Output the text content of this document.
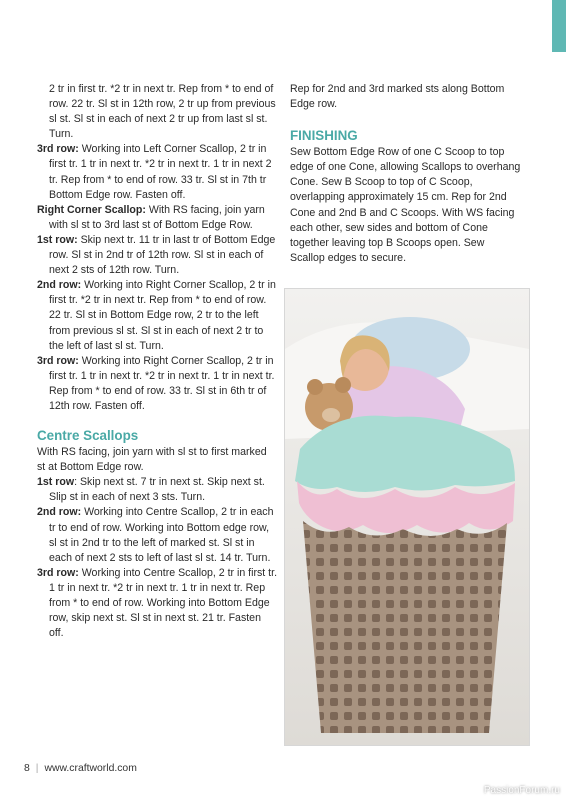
2 tr in first tr. *2 tr in next tr. Rep from * to end of row. 22 tr. Sl st in 12th row, 2 tr up from previous sl st. Sl st in each of next 2 tr up from last sl st. Turn.

3rd row: Working into Left Corner Scallop, 2 tr in first tr. 1 tr in next tr. *2 tr in next tr. 1 tr in next 2 tr. Rep from * to end of row. 33 tr. Sl st in 7th tr Bottom Edge row. Fasten off.

Right Corner Scallop: With RS facing, join yarn with sl st to 3rd last st of Bottom Edge Row.

1st row: Skip next tr. 11 tr in last tr of Bottom Edge row. Sl st in 2nd tr of 12th row. Sl st in each of next 2 sts of 12th row. Turn.

2nd row: Working into Right Corner Scallop, 2 tr in first tr. *2 tr in next tr. Rep from * to end of row. 22 tr. Sl st in Bottom Edge row, 2 tr to the left from previous sl st. Sl st in each of next 2 tr to the left of last sl st. Turn.

3rd row: Working into Right Corner Scallop, 2 tr in first tr. 1 tr in next tr. *2 tr in next tr. 1 tr in next tr. Rep from * to end of row. 33 tr. Sl st in 6th tr of 12th row. Fasten off.

Centre Scallops

With RS facing, join yarn with sl st to first marked st at Bottom Edge row.

1st row: Skip next st. 7 tr in next st. Skip next st. Slip st in each of next 3 sts. Turn.

2nd row: Working into Centre Scallop, 2 tr in each tr to end of row. Working into Bottom edge row, sl st in 2nd tr to the left of marked st. Sl st in each of next 2 sts to left of last sl st. 14 tr. Turn.

3rd row: Working into Centre Scallop, 2 tr in first tr. 1 tr in next tr. *2 tr in next tr. 1 tr in next tr. Rep from * to end of row. Working into Bottom Edge row, skip next st. Sl st in next st. 21 tr. Fasten off.

Rep for 2nd and 3rd marked sts along Bottom Edge row.

FINISHING

Sew Bottom Edge Row of one C Scoop to top edge of one Cone, allowing Scallops to overhang Cone. Sew B Scoop to top of C Scoop, overlapping approximately 15 cm. Rep for 2nd Cone and 2nd B and C Scoops. With WS facing each other, sew sides and bottom of Cone together leaving top B Scoops open. Sew Scallop edges to secure.

8 | www.craftworld.com
PassionForum.ru
